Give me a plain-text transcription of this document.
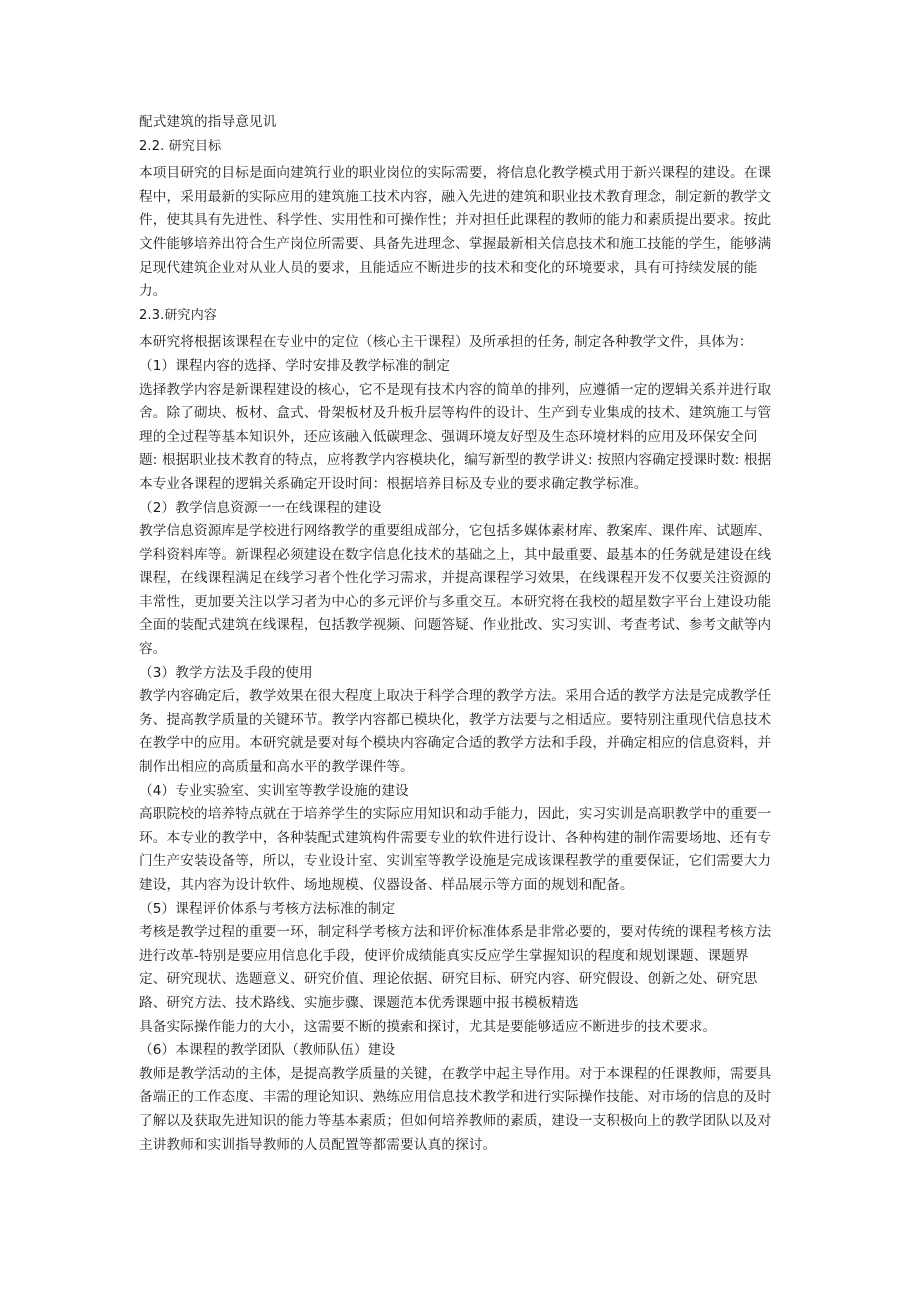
配式建筑的指导意见讥
2.2. 研究目标
本项目研究的目标是面向建筑行业的职业岗位的实际需要，将信息化教学模式用于新兴课程的建设。在课
程中，采用最新的实际应用的建筑施工技术内容，融入先进的建筑和职业技术教育理念，制定新的教学文
件，使其具有先进性、科学性、实用性和可操作性；并对担任此课程的教师的能力和素质提出要求。按此
文件能够培养出符合生产岗位所需要、具备先进理念、掌握最新相关信息技术和施工技能的学生，能够满
足现代建筑企业对从业人员的要求，且能适应不断进步的技术和变化的环境要求，具有可持续发展的能
力。
2.3.研究内容
本研究将根据该课程在专业中的定位（核心主干课程）及所承担的任务, 制定各种教学文件，具体为：
（1）课程内容的选择、学时安排及教学标准的制定
选择教学内容是新课程建设的核心，它不是现有技术内容的简单的排列，应遵循一定的逻辑关系并进行取
舍。除了砌块、板材、盒式、骨架板材及升板升层等构件的设计、生产到专业集成的技术、建筑施工与管
理的全过程等基本知识外，还应该融入低碳理念、强调环境友好型及生态环境材料的应用及环保安全问
题: 根据职业技术教育的特点，应将教学内容模块化，编写新型的教学讲义: 按照内容确定授课时数: 根据
本专业各课程的逻辑关系确定开设时间：根据培养目标及专业的要求确定教学标准。
（2）教学信息资源一一在线课程的建设
教学信息资源库是学校进行网络教学的重要组成部分，它包括多媒体素材库、教案库、课件库、试题库、
学科资料库等。新课程必须建设在数字信息化技术的基础之上，其中最重要、最基本的任务就是建设在线
课程，在线课程满足在线学习者个性化学习需求，并提高课程学习效果，在线课程开发不仅要关注资源的
丰常性，更加要关注以学习者为中心的多元评价与多重交互。本研究将在我校的超星数字平台上建设功能
全面的装配式建筑在线课程，包括教学视频、问题答疑、作业批改、实习实训、考查考试、参考文献等内
容。
（3）教学方法及手段的使用
教学内容确定后，教学效果在很大程度上取决于科学合理的教学方法。采用合适的教学方法是完成教学任
务、提高教学质量的关键环节。教学内容都已模块化，教学方法要与之相适应。要特别注重现代信息技术
在教学中的应用。本研究就是要对每个模块内容确定合适的教学方法和手段，并确定相应的信息资料，并
制作出相应的高质量和高水平的教学课件等。
（4）专业实验室、实训室等教学设施的建设
高职院校的培养特点就在于培养学生的实际应用知识和动手能力，因此，实习实训是高职教学中的重要一
环。本专业的教学中，各种装配式建筑构件需要专业的软件进行设计、各种构建的制作需要场地、还有专
门生产安装设备等，所以，专业设计室、实训室等教学设施是完成该课程教学的重要保证，它们需要大力
建设，其内容为设计软件、场地规模、仪器设备、样品展示等方面的规划和配备。
（5）课程评价体系与考核方法标准的制定
考核是教学过程的重要一环，制定科学考核方法和评价标准体系是非常必要的，要对传统的课程考核方法
进行改革-特别是要应用信息化手段，使评价成绩能真实反应学生掌握知识的程度和规划课题、课题界
定、研究现状、选题意义、研究价值、理论依据、研究目标、研究内容、研究假设、创新之处、研究思
路、研究方法、技术路线、实施步骤、课题范本优秀课题中报书模板精选
具备实际操作能力的大小，这需要不断的摸索和探讨，尤其是要能够适应不断进步的技术要求。
（6）本课程的教学团队（教师队伍）建设
教师是教学活动的主体，是提高教学质量的关键，在教学中起主导作用。对于本课程的任课教师，需要具
备端正的工作态度、丰需的理论知识、熟练应用信息技术教学和进行实际操作技能、对市场的信息的及时
了解以及获取先进知识的能力等基本素质；但如何培养教师的素质，建设一支积极向上的教学团队以及对
主讲教师和实训指导教师的人员配置等都需要认真的探讨。
